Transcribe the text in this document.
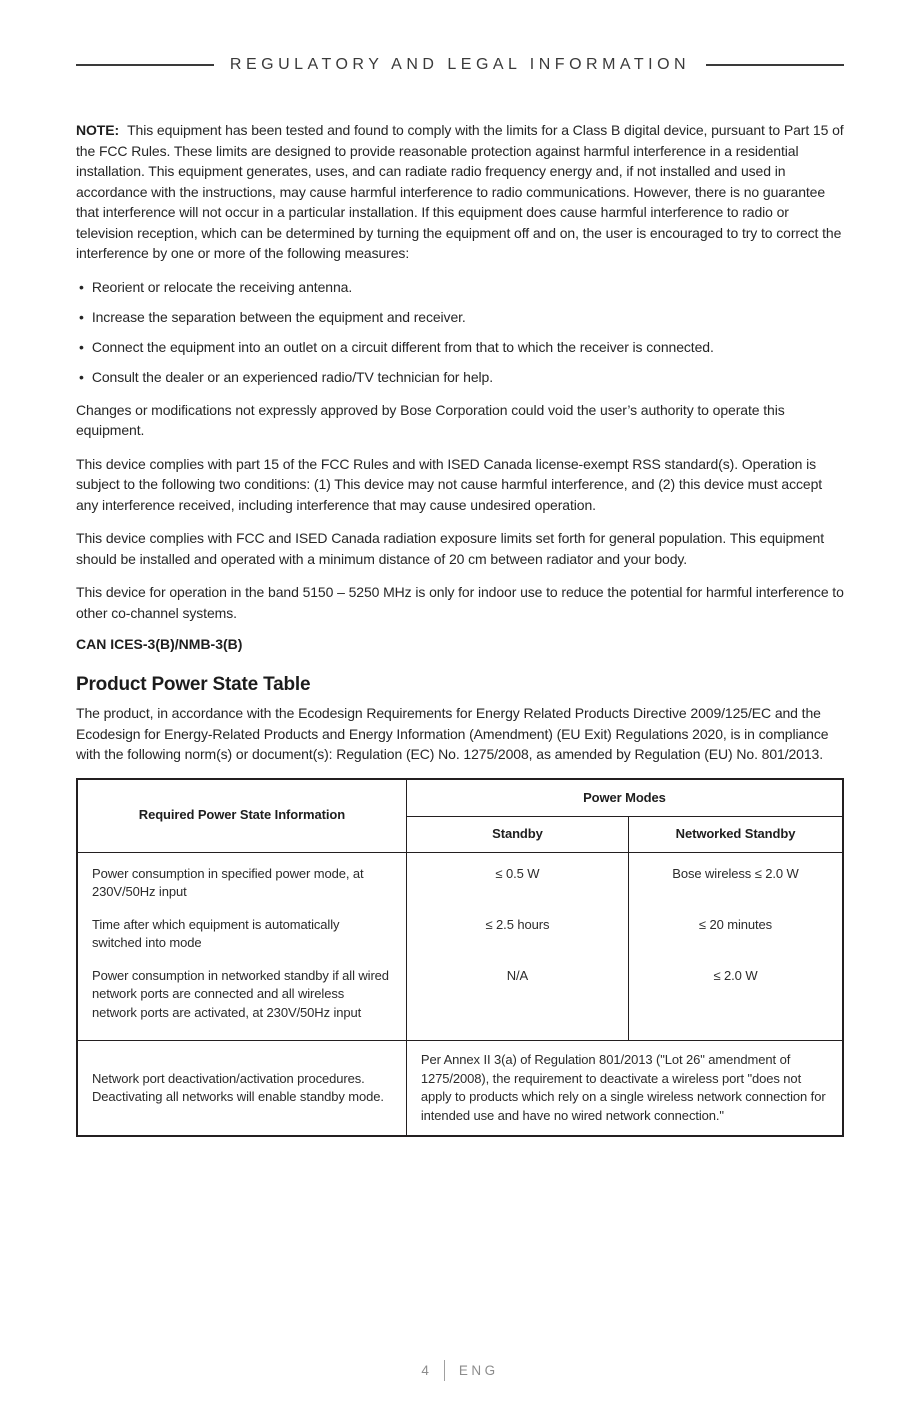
REGULATORY AND LEGAL INFORMATION

NOTE: This equipment has been tested and found to comply with the limits for a Class B digital device, pursuant to Part 15 of the FCC Rules. These limits are designed to provide reasonable protection against harmful interference in a residential installation. This equipment generates, uses, and can radiate radio frequency energy and, if not installed and used in accordance with the instructions, may cause harmful interference to radio communications. However, there is no guarantee that interference will not occur in a particular installation. If this equipment does cause harmful interference to radio or television reception, which can be determined by turning the equipment off and on, the user is encouraged to try to correct the interference by one or more of the following measures:

• Reorient or relocate the receiving antenna.
• Increase the separation between the equipment and receiver.
• Connect the equipment into an outlet on a circuit different from that to which the receiver is connected.
• Consult the dealer or an experienced radio/TV technician for help.

Changes or modifications not expressly approved by Bose Corporation could void the user’s authority to operate this equipment.

This device complies with part 15 of the FCC Rules and with ISED Canada license-exempt RSS standard(s). Operation is subject to the following two conditions: (1) This device may not cause harmful interference, and (2) this device must accept any interference received, including interference that may cause undesired operation.

This device complies with FCC and ISED Canada radiation exposure limits set forth for general population. This equipment should be installed and operated with a minimum distance of 20 cm between radiator and your body.

This device for operation in the band 5150 – 5250 MHz is only for indoor use to reduce the potential for harmful interference to other co-channel systems.

CAN ICES-3(B)/NMB-3(B)

Product Power State Table

The product, in accordance with the Ecodesign Requirements for Energy Related Products Directive 2009/125/EC and the Ecodesign for Energy-Related Products and Energy Information (Amendment) (EU Exit) Regulations 2020, is in compliance with the following norm(s) or document(s): Regulation (EC) No. 1275/2008, as amended by Regulation (EU) No. 801/2013.

Required Power State Information	Power Modes	
	Standby	Networked Standby
Power consumption in specified power mode, at 230V/50Hz input	≤ 0.5 W	Bose wireless ≤ 2.0 W
Time after which equipment is automatically switched into mode	≤ 2.5 hours	≤ 20 minutes
Power consumption in networked standby if all wired network ports are connected and all wireless network ports are activated, at 230V/50Hz input	N/A	≤ 2.0 W
Network port deactivation/activation procedures. Deactivating all networks will enable standby mode.	Per Annex II 3(a) of Regulation 801/2013 ("Lot 26" amendment of 1275/2008), the requirement to deactivate a wireless port "does not apply to products which rely on a single wireless network connection for intended use and have no wired network connection."	
4 ENG
